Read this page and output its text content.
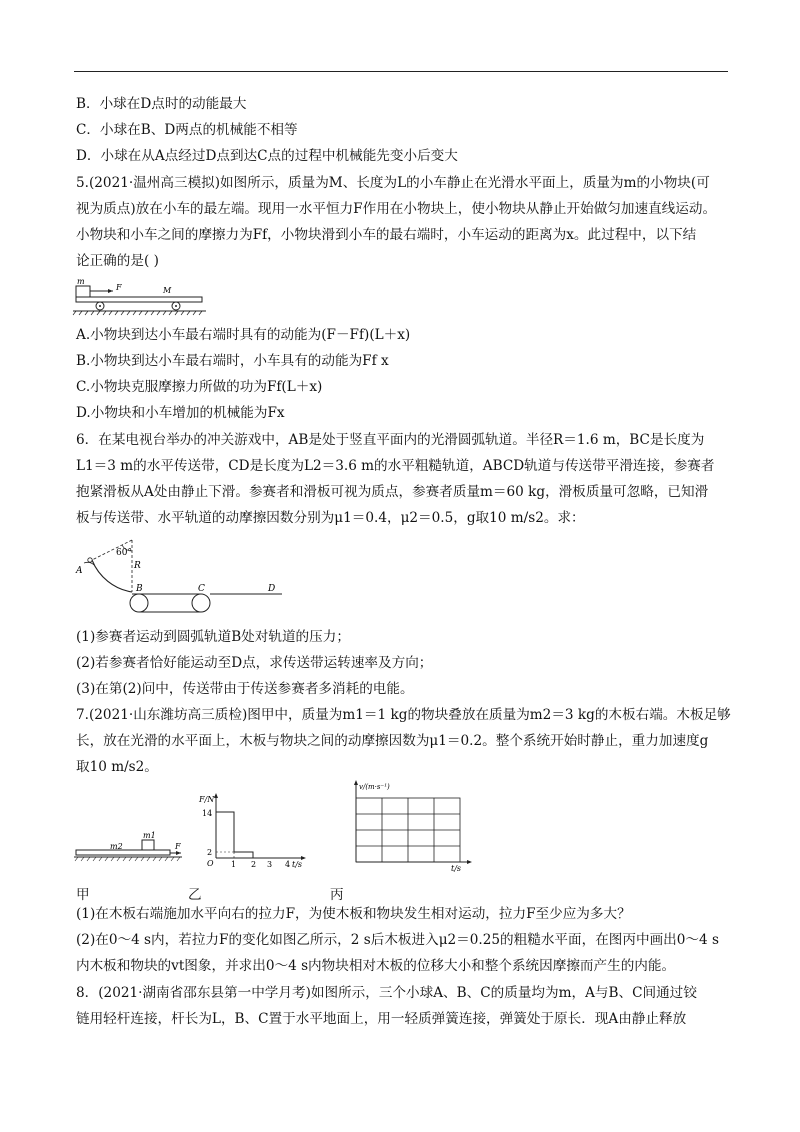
B．小球在D点时的动能最大
C．小球在B、D两点的机械能不相等
D．小球在从A点经过D点到达C点的过程中机械能先变小后变大
5.(2021·温州高三模拟)如图所示，质量为M、长度为L的小车静止在光滑水平面上，质量为m的小物块(可
视为质点)放在小车的最左端。现用一水平恒力F作用在小物块上，使小物块从静止开始做匀加速直线运动。
小物块和小车之间的摩擦力为Ff，小物块滑到小车的最右端时，小车运动的距离为x。此过程中，以下结
论正确的是( )
A.小物块到达小车最右端时具有的动能为(F－Ff)(L＋x)
B.小物块到达小车最右端时，小车具有的动能为Ff x
C.小物块克服摩擦力所做的功为Ff(L＋x)
D.小物块和小车增加的机械能为Fx
6．在某电视台举办的冲关游戏中，AB是处于竖直平面内的光滑圆弧轨道。半径R＝1.6 m，BC是长度为
L1＝3 m的水平传送带，CD是长度为L2＝3.6 m的水平粗糙轨道，ABCD轨道与传送带平滑连接，参赛者
抱紧滑板从A处由静止下滑。参赛者和滑板可视为质点，参赛者质量m＝60 kg，滑板质量可忽略，已知滑
板与传送带、水平轨道的动摩擦因数分别为μ1＝0.4，μ2＝0.5，g取10 m/s2。求：
(1)参赛者运动到圆弧轨道B处对轨道的压力；
(2)若参赛者恰好能运动至D点，求传送带运转速率及方向；
(3)在第(2)问中，传送带由于传送参赛者多消耗的电能。
7.(2021·山东潍坊高三质检)图甲中，质量为m1＝1 kg的物块叠放在质量为m2＝3 kg的木板右端。木板足够
长，放在光滑的水平面上，木板与物块之间的动摩擦因数为μ1＝0.2。整个系统开始时静止，重力加速度g
取10 m/s2。
(1)在木板右端施加水平向右的拉力F，为使木板和物块发生相对运动，拉力F至少应为多大？
(2)在0～4 s内，若拉力F的变化如图乙所示，2 s后木板进入μ2＝0.25的粗糙水平面，在图丙中画出0～4 s
内木板和物块的vt图象，并求出0～4 s内物块相对木板的位移大小和整个系统因摩擦而产生的内能。
8．(2021·湖南省邵东县第一中学月考)如图所示，三个小球A、B、C的质量均为m，A与B、C间通过铰
链用轻杆连接，杆长为L，B、C置于水平地面上，用一轻质弹簧连接，弹簧处于原长．现A由静止释放
m
F	M
60°
R
A
B	C	D
m1
m2	F
F/N
14
2
O 1 2 3 4 t/s
v/(m·s⁻¹)
t/s
甲	乙	丙
